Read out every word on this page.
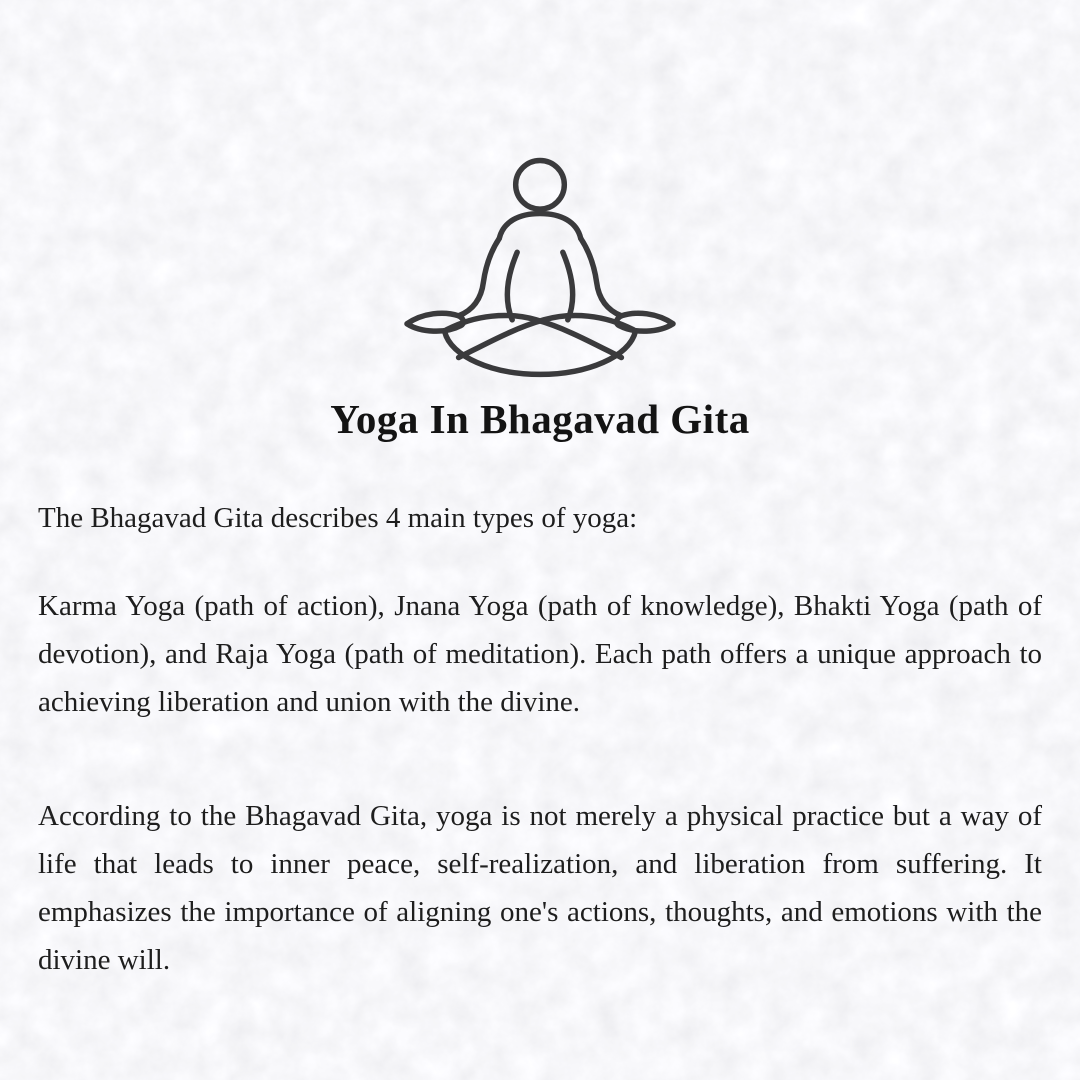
Yoga In Bhagavad Gita

The Bhagavad Gita describes 4 main types of yoga:

Karma Yoga (path of action), Jnana Yoga (path of knowledge), Bhakti Yoga (path of devotion), and Raja Yoga (path of meditation). Each path offers a unique approach to achieving liberation and union with the divine.

According to the Bhagavad Gita, yoga is not merely a physical practice but a way of life that leads to inner peace, self-realization, and liberation from suffering. It emphasizes the importance of aligning one's actions, thoughts, and emotions with the divine will.
